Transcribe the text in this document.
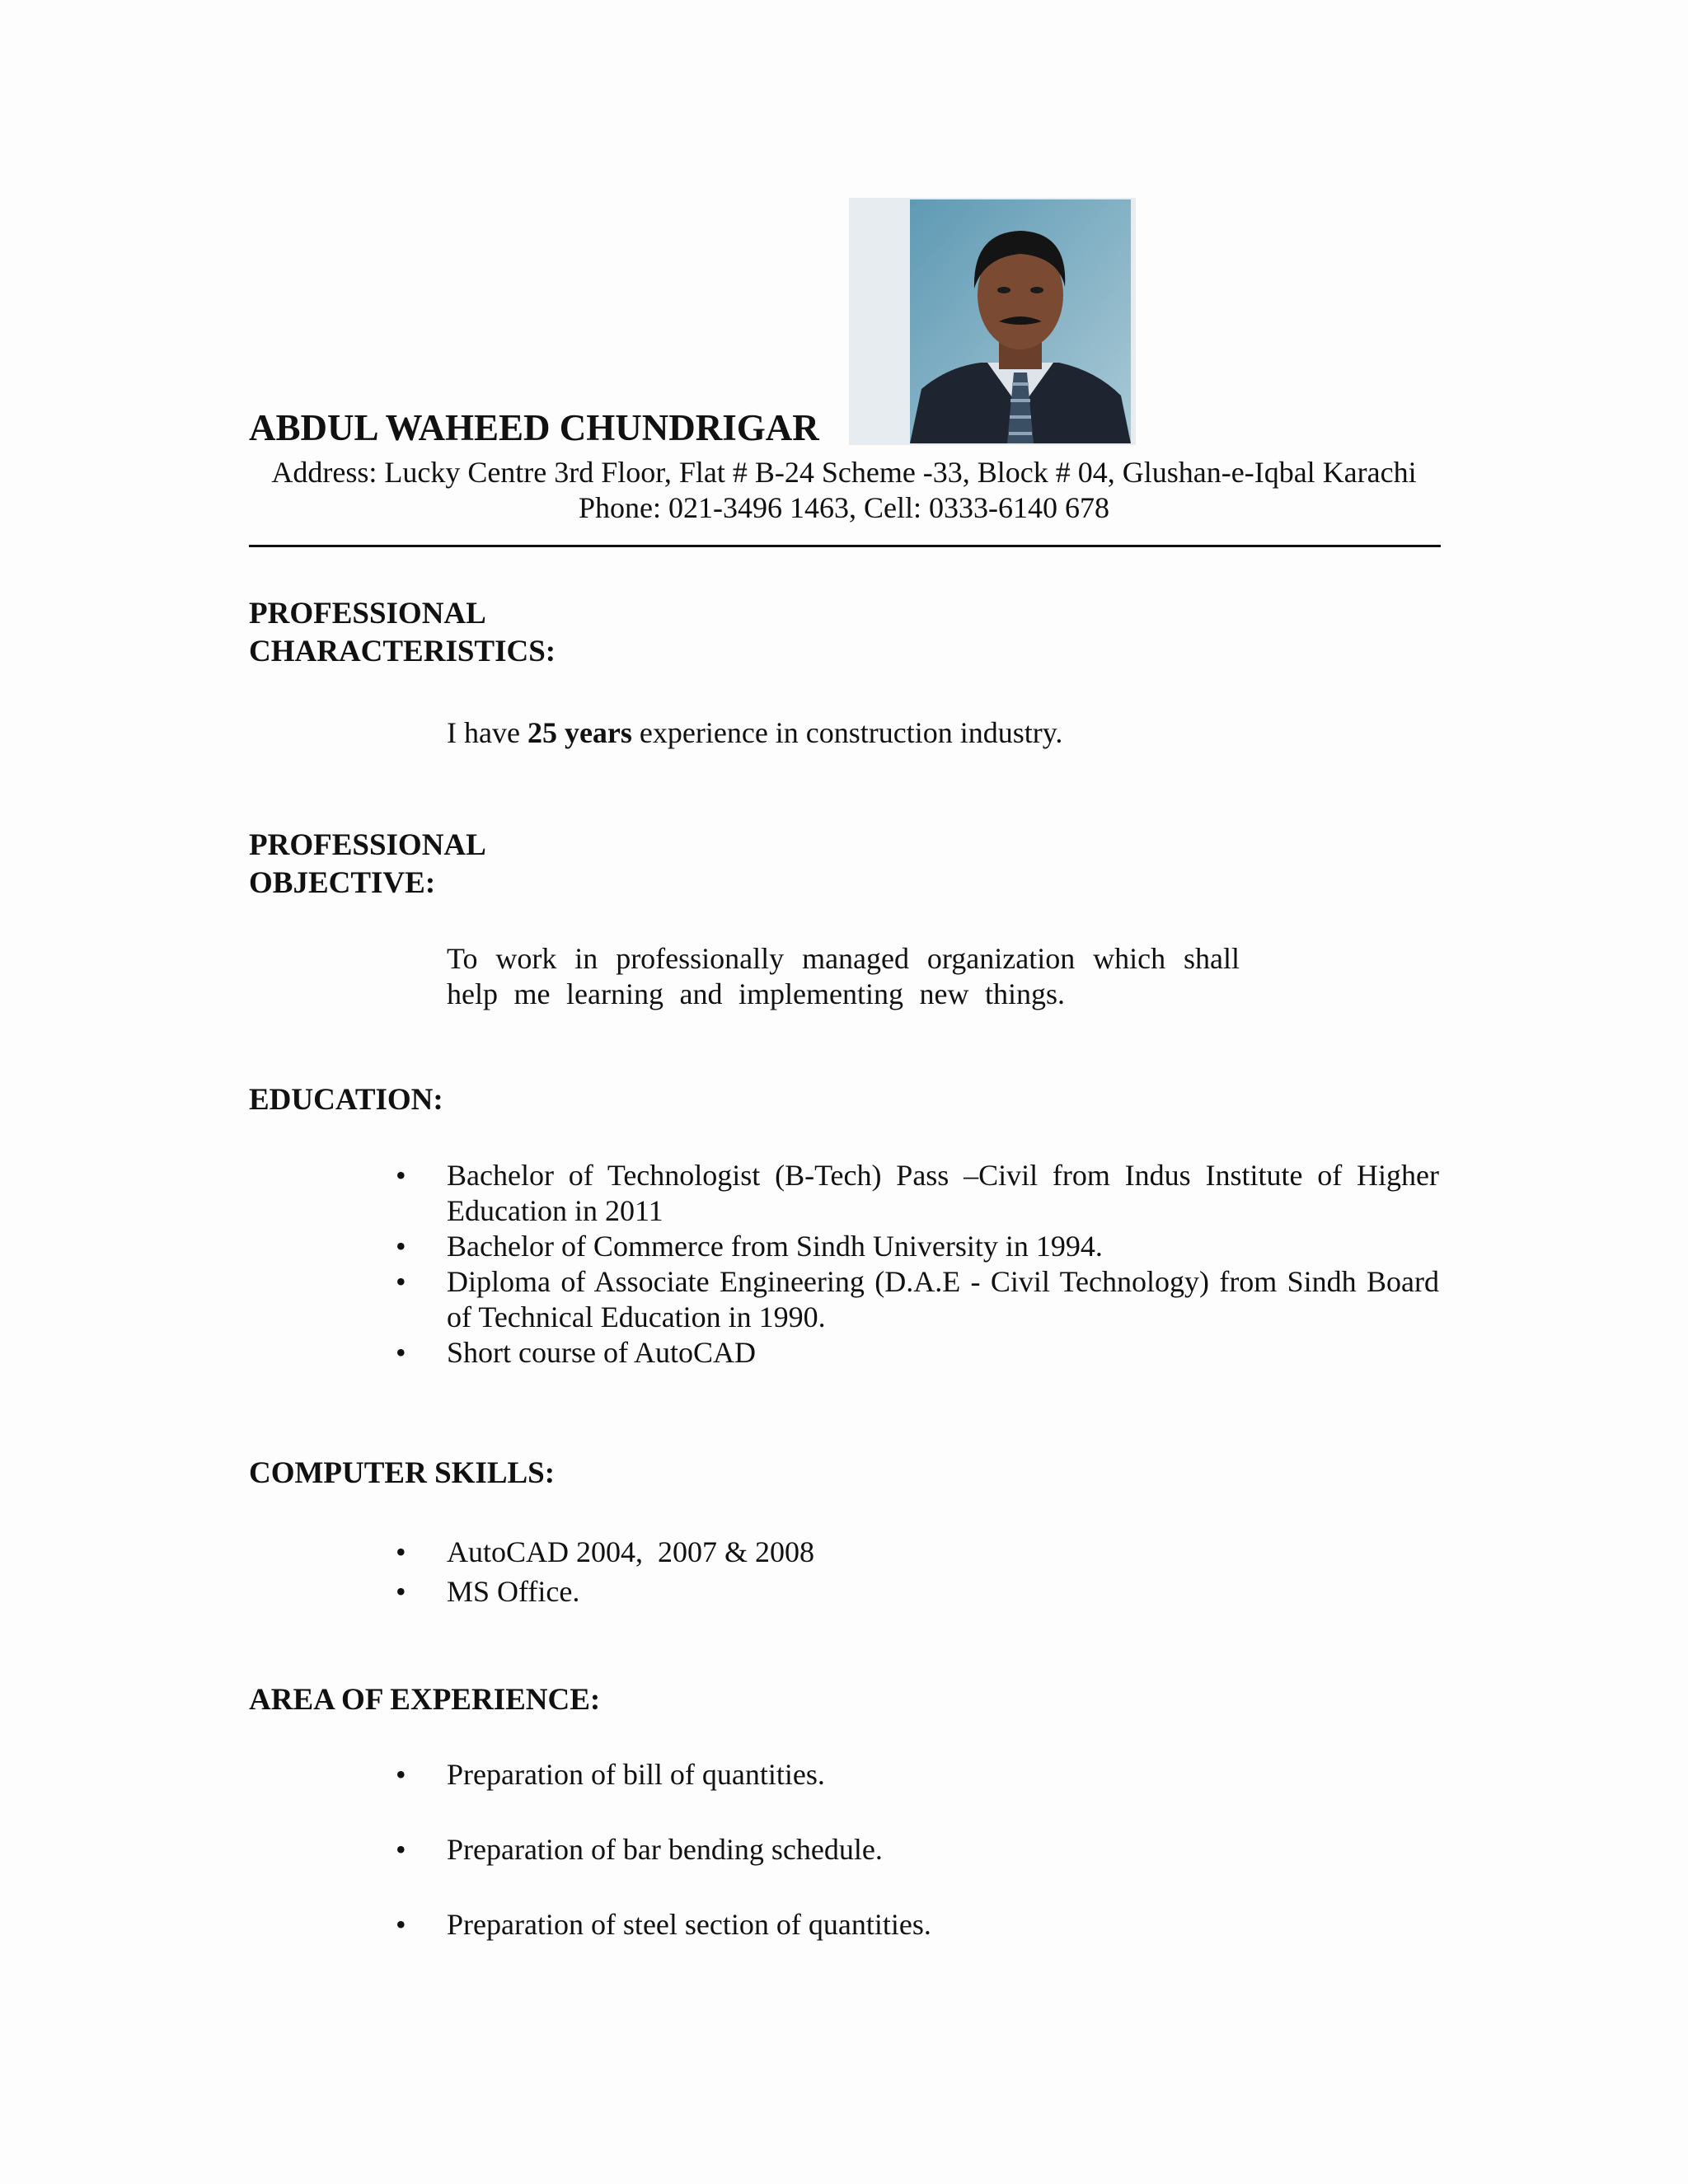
ABDUL WAHEED CHUNDRIGAR
Address: Lucky Centre 3rd Floor, Flat # B-24 Scheme -33, Block # 04, Glushan-e-Iqbal Karachi
Phone: 021-3496 1463, Cell: 0333-6140 678
PROFESSIONAL
CHARACTERISTICS:
I have 25 years experience in construction industry.
PROFESSIONAL
OBJECTIVE:
To work in professionally managed organization which shall
help me learning and implementing new things.
EDUCATION:
• Bachelor of Technologist (B-Tech) Pass –Civil from Indus Institute of Higher Education in 2011
• Bachelor of Commerce from Sindh University in 1994.
• Diploma of Associate Engineering (D.A.E - Civil Technology) from Sindh Board of Technical Education in 1990.
• Short course of AutoCAD
COMPUTER SKILLS:
• AutoCAD 2004,  2007 & 2008
• MS Office.
AREA OF EXPERIENCE:
• Preparation of bill of quantities.
• Preparation of bar bending schedule.
• Preparation of steel section of quantities.
